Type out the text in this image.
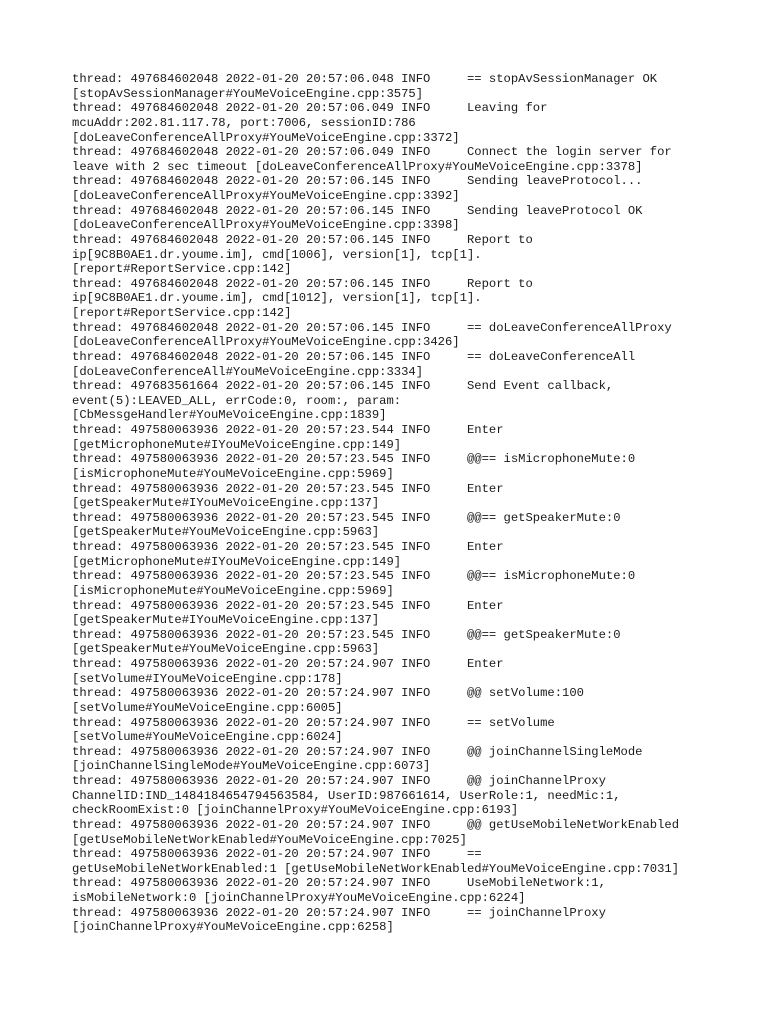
thread: 497684602048 2022-01-20 20:57:06.048 INFO     == stopAvSessionManager OK
[stopAvSessionManager#YouMeVoiceEngine.cpp:3575]
thread: 497684602048 2022-01-20 20:57:06.049 INFO     Leaving for
mcuAddr:202.81.117.78, port:7006, sessionID:786
[doLeaveConferenceAllProxy#YouMeVoiceEngine.cpp:3372]
thread: 497684602048 2022-01-20 20:57:06.049 INFO     Connect the login server for
leave with 2 sec timeout [doLeaveConferenceAllProxy#YouMeVoiceEngine.cpp:3378]
thread: 497684602048 2022-01-20 20:57:06.145 INFO     Sending leaveProtocol...
[doLeaveConferenceAllProxy#YouMeVoiceEngine.cpp:3392]
thread: 497684602048 2022-01-20 20:57:06.145 INFO     Sending leaveProtocol OK
[doLeaveConferenceAllProxy#YouMeVoiceEngine.cpp:3398]
thread: 497684602048 2022-01-20 20:57:06.145 INFO     Report to
ip[9C8B0AE1.dr.youme.im], cmd[1006], version[1], tcp[1].
[report#ReportService.cpp:142]
thread: 497684602048 2022-01-20 20:57:06.145 INFO     Report to
ip[9C8B0AE1.dr.youme.im], cmd[1012], version[1], tcp[1].
[report#ReportService.cpp:142]
thread: 497684602048 2022-01-20 20:57:06.145 INFO     == doLeaveConferenceAllProxy
[doLeaveConferenceAllProxy#YouMeVoiceEngine.cpp:3426]
thread: 497684602048 2022-01-20 20:57:06.145 INFO     == doLeaveConferenceAll
[doLeaveConferenceAll#YouMeVoiceEngine.cpp:3334]
thread: 497683561664 2022-01-20 20:57:06.145 INFO     Send Event callback,
event(5):LEAVED_ALL, errCode:0, room:, param:
[CbMessgeHandler#YouMeVoiceEngine.cpp:1839]
thread: 497580063936 2022-01-20 20:57:23.544 INFO     Enter
[getMicrophoneMute#IYouMeVoiceEngine.cpp:149]
thread: 497580063936 2022-01-20 20:57:23.545 INFO     @@== isMicrophoneMute:0
[isMicrophoneMute#YouMeVoiceEngine.cpp:5969]
thread: 497580063936 2022-01-20 20:57:23.545 INFO     Enter
[getSpeakerMute#IYouMeVoiceEngine.cpp:137]
thread: 497580063936 2022-01-20 20:57:23.545 INFO     @@== getSpeakerMute:0
[getSpeakerMute#YouMeVoiceEngine.cpp:5963]
thread: 497580063936 2022-01-20 20:57:23.545 INFO     Enter
[getMicrophoneMute#IYouMeVoiceEngine.cpp:149]
thread: 497580063936 2022-01-20 20:57:23.545 INFO     @@== isMicrophoneMute:0
[isMicrophoneMute#YouMeVoiceEngine.cpp:5969]
thread: 497580063936 2022-01-20 20:57:23.545 INFO     Enter
[getSpeakerMute#IYouMeVoiceEngine.cpp:137]
thread: 497580063936 2022-01-20 20:57:23.545 INFO     @@== getSpeakerMute:0
[getSpeakerMute#YouMeVoiceEngine.cpp:5963]
thread: 497580063936 2022-01-20 20:57:24.907 INFO     Enter
[setVolume#IYouMeVoiceEngine.cpp:178]
thread: 497580063936 2022-01-20 20:57:24.907 INFO     @@ setVolume:100
[setVolume#YouMeVoiceEngine.cpp:6005]
thread: 497580063936 2022-01-20 20:57:24.907 INFO     == setVolume
[setVolume#YouMeVoiceEngine.cpp:6024]
thread: 497580063936 2022-01-20 20:57:24.907 INFO     @@ joinChannelSingleMode
[joinChannelSingleMode#YouMeVoiceEngine.cpp:6073]
thread: 497580063936 2022-01-20 20:57:24.907 INFO     @@ joinChannelProxy
ChannelID:IND_1484184654794563584, UserID:987661614, UserRole:1, needMic:1,
checkRoomExist:0 [joinChannelProxy#YouMeVoiceEngine.cpp:6193]
thread: 497580063936 2022-01-20 20:57:24.907 INFO     @@ getUseMobileNetWorkEnabled
[getUseMobileNetWorkEnabled#YouMeVoiceEngine.cpp:7025]
thread: 497580063936 2022-01-20 20:57:24.907 INFO     ==
getUseMobileNetWorkEnabled:1 [getUseMobileNetWorkEnabled#YouMeVoiceEngine.cpp:7031]
thread: 497580063936 2022-01-20 20:57:24.907 INFO     UseMobileNetwork:1,
isMobileNetwork:0 [joinChannelProxy#YouMeVoiceEngine.cpp:6224]
thread: 497580063936 2022-01-20 20:57:24.907 INFO     == joinChannelProxy
[joinChannelProxy#YouMeVoiceEngine.cpp:6258]
